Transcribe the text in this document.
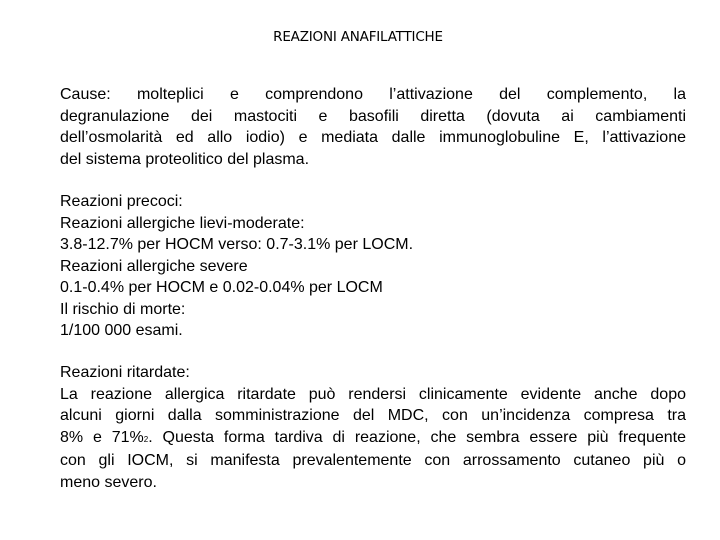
REAZIONI ANAFILATTICHE
Cause: molteplici e comprendono l’attivazione del complemento, la
degranulazione dei mastociti e basofili diretta (dovuta ai cambiamenti
dell’osmolarità ed allo iodio) e mediata dalle immunoglobuline E, l’attivazione
del sistema proteolitico del plasma.
Reazioni precoci:
Reazioni allergiche lievi-moderate:
3.8-12.7% per HOCM verso: 0.7-3.1% per LOCM.
Reazioni allergiche severe
0.1-0.4% per HOCM e 0.02-0.04% per LOCM
Il rischio di morte:
1/100 000 esami.
Reazioni ritardate:
La reazione allergica ritardate può rendersi clinicamente evidente anche dopo
alcuni giorni dalla somministrazione del MDC, con un’incidenza compresa tra
8% e 71%2. Questa forma tardiva di reazione, che sembra essere più frequente
con gli IOCM, si manifesta prevalentemente con arrossamento cutaneo più o
meno severo.
